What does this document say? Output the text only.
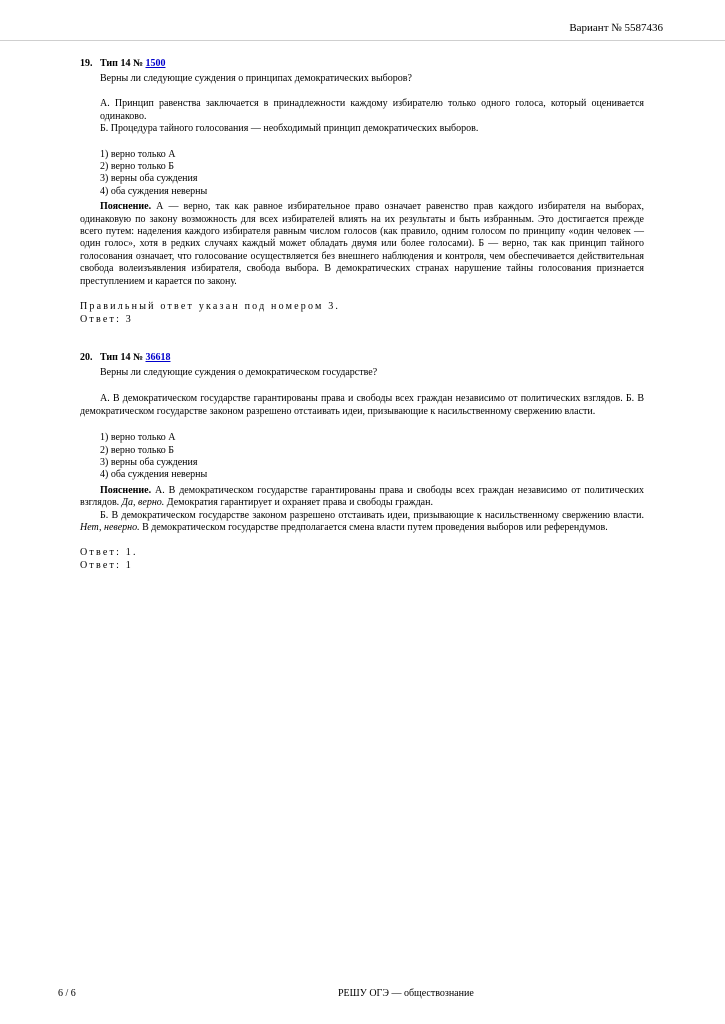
Вариант № 5587436
19. Тип 14 № 1500

Верны ли следующие суждения о принципах демократических выборов?

А. Принцип равенства заключается в принадлежности каждому избирателю только одного голоса, который оценивается одинаково.

Б. Процедура тайного голосования — необходимый принцип демократических выборов.

1) верно только А
2) верно только Б
3) верны оба суждения
4) оба суждения неверны

Пояснение. А — верно, так как равное избирательное право означает равенство прав каждого избирателя на выборах, одинаковую по закону возможность для всех избирателей влиять на их результаты и быть избранным. Это достигается прежде всего путем: наделения каждого избирателя равным числом голосов (как правило, одним голосом по принципу «один человек — один голос», хотя в редких случаях каждый может обладать двумя или более голосами). Б — верно, так как принцип тайного голосования означает, что голосование осуществляется без внешнего наблюдения и контроля, чем обеспечивается действительная свобода волеизъявления избирателя, свобода выбора. В демократических странах нарушение тайны голосования признается преступлением и карается по закону.

Правильный ответ указан под номером 3.
Ответ: 3
20. Тип 14 № 36618

Верны ли следующие суждения о демократическом государстве?

А. В демократическом государстве гарантированы права и свободы всех граждан независимо от политических взглядов. Б. В демократическом государстве законом разрешено отстаивать идеи, призывающие к насильственному свержению власти.

1) верно только А
2) верно только Б
3) верны оба суждения
4) оба суждения неверны

Пояснение. А. В демократическом государстве гарантированы права и свободы всех граждан независимо от политических взглядов. Да, верно. Демократия гарантирует и охраняет права и свободы граждан.

Б. В демократическом государстве законом разрешено отстаивать идеи, призывающие к насильственному свержению власти. Нет, неверно. В демократическом государстве предполагается смена власти путем проведения выборов или референдумов.

Ответ: 1.
Ответ: 1
6 / 6	РЕШУ ОГЭ — обществознание
